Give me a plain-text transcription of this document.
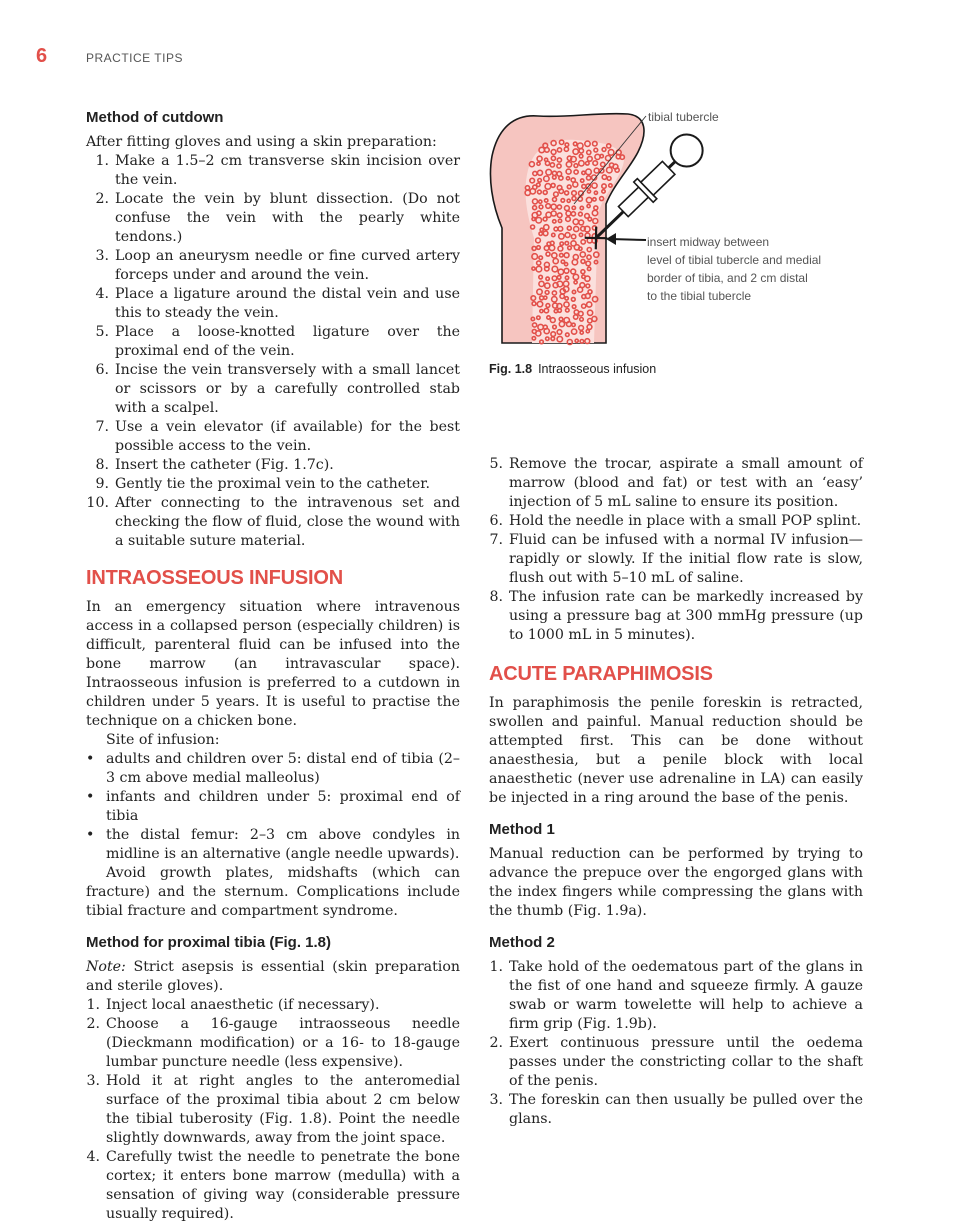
6	PRACTICE TIPS
Method of cutdown

After fitting gloves and using a skin preparation:

1. Make a 1.5–2 cm transverse skin incision over the vein.
2. Locate the vein by blunt dissection. (Do not confuse the vein with the pearly white tendons.)
3. Loop an aneurysm needle or fine curved artery forceps under and around the vein.
4. Place a ligature around the distal vein and use this to steady the vein.
5. Place a loose-knotted ligature over the proximal end of the vein.
6. Incise the vein transversely with a small lancet or scissors or by a carefully controlled stab with a scalpel.
7. Use a vein elevator (if available) for the best possible access to the vein.
8. Insert the catheter (Fig. 1.7c).
9. Gently tie the proximal vein to the catheter.
10. After connecting to the intravenous set and checking the flow of fluid, close the wound with a suitable suture material.
INTRAOSSEOUS INFUSION

In an emergency situation where intravenous access in a collapsed person (especially children) is difficult, parenteral fluid can be infused into the bone marrow (an intravascular space). Intraosseous infusion is preferred to a cutdown in children under 5 years. It is useful to practise the technique on a chicken bone.

Site of infusion:

• adults and children over 5: distal end of tibia (2–3 cm above medial malleolus)
• infants and children under 5: proximal end of tibia
• the distal femur: 2–3 cm above condyles in midline is an alternative (angle needle upwards).

Avoid growth plates, midshafts (which can fracture) and the sternum. Complications include tibial fracture and compartment syndrome.

Method for proximal tibia (Fig. 1.8)

Note: Strict asepsis is essential (skin preparation and sterile gloves).

1. Inject local anaesthetic (if necessary).
2. Choose a 16-gauge intraosseous needle (Dieckmann modification) or a 16- to 18-gauge lumbar puncture needle (less expensive).
3. Hold it at right angles to the anteromedial surface of the proximal tibia about 2 cm below the tibial tuberosity (Fig. 1.8). Point the needle slightly downwards, away from the joint space.
4. Carefully twist the needle to penetrate the bone cortex; it enters bone marrow (medulla) with a sensation of giving way (considerable pressure usually required).
tibial tubercle
insert midway between
level of tibial tubercle and medial
border of tibia, and 2 cm distal
to the tibial tubercle
Fig. 1.8 Intraosseous infusion
5. Remove the trocar, aspirate a small amount of marrow (blood and fat) or test with an ‘easy’ injection of 5 mL saline to ensure its position.
6. Hold the needle in place with a small POP splint.
7. Fluid can be infused with a normal IV infusion—rapidly or slowly. If the initial flow rate is slow, flush out with 5–10 mL of saline.
8. The infusion rate can be markedly increased by using a pressure bag at 300 mmHg pressure (up to 1000 mL in 5 minutes).
ACUTE PARAPHIMOSIS

In paraphimosis the penile foreskin is retracted, swollen and painful. Manual reduction should be attempted first. This can be done without anaesthesia, but a penile block with local anaesthetic (never use adrenaline in LA) can easily be injected in a ring around the base of the penis.

Method 1

Manual reduction can be performed by trying to advance the prepuce over the engorged glans with the index fingers while compressing the glans with the thumb (Fig. 1.9a).

Method 2
1. Take hold of the oedematous part of the glans in the fist of one hand and squeeze firmly. A gauze swab or warm towelette will help to achieve a firm grip (Fig. 1.9b).
2. Exert continuous pressure until the oedema passes under the constricting collar to the shaft of the penis.
3. The foreskin can then usually be pulled over the glans.
